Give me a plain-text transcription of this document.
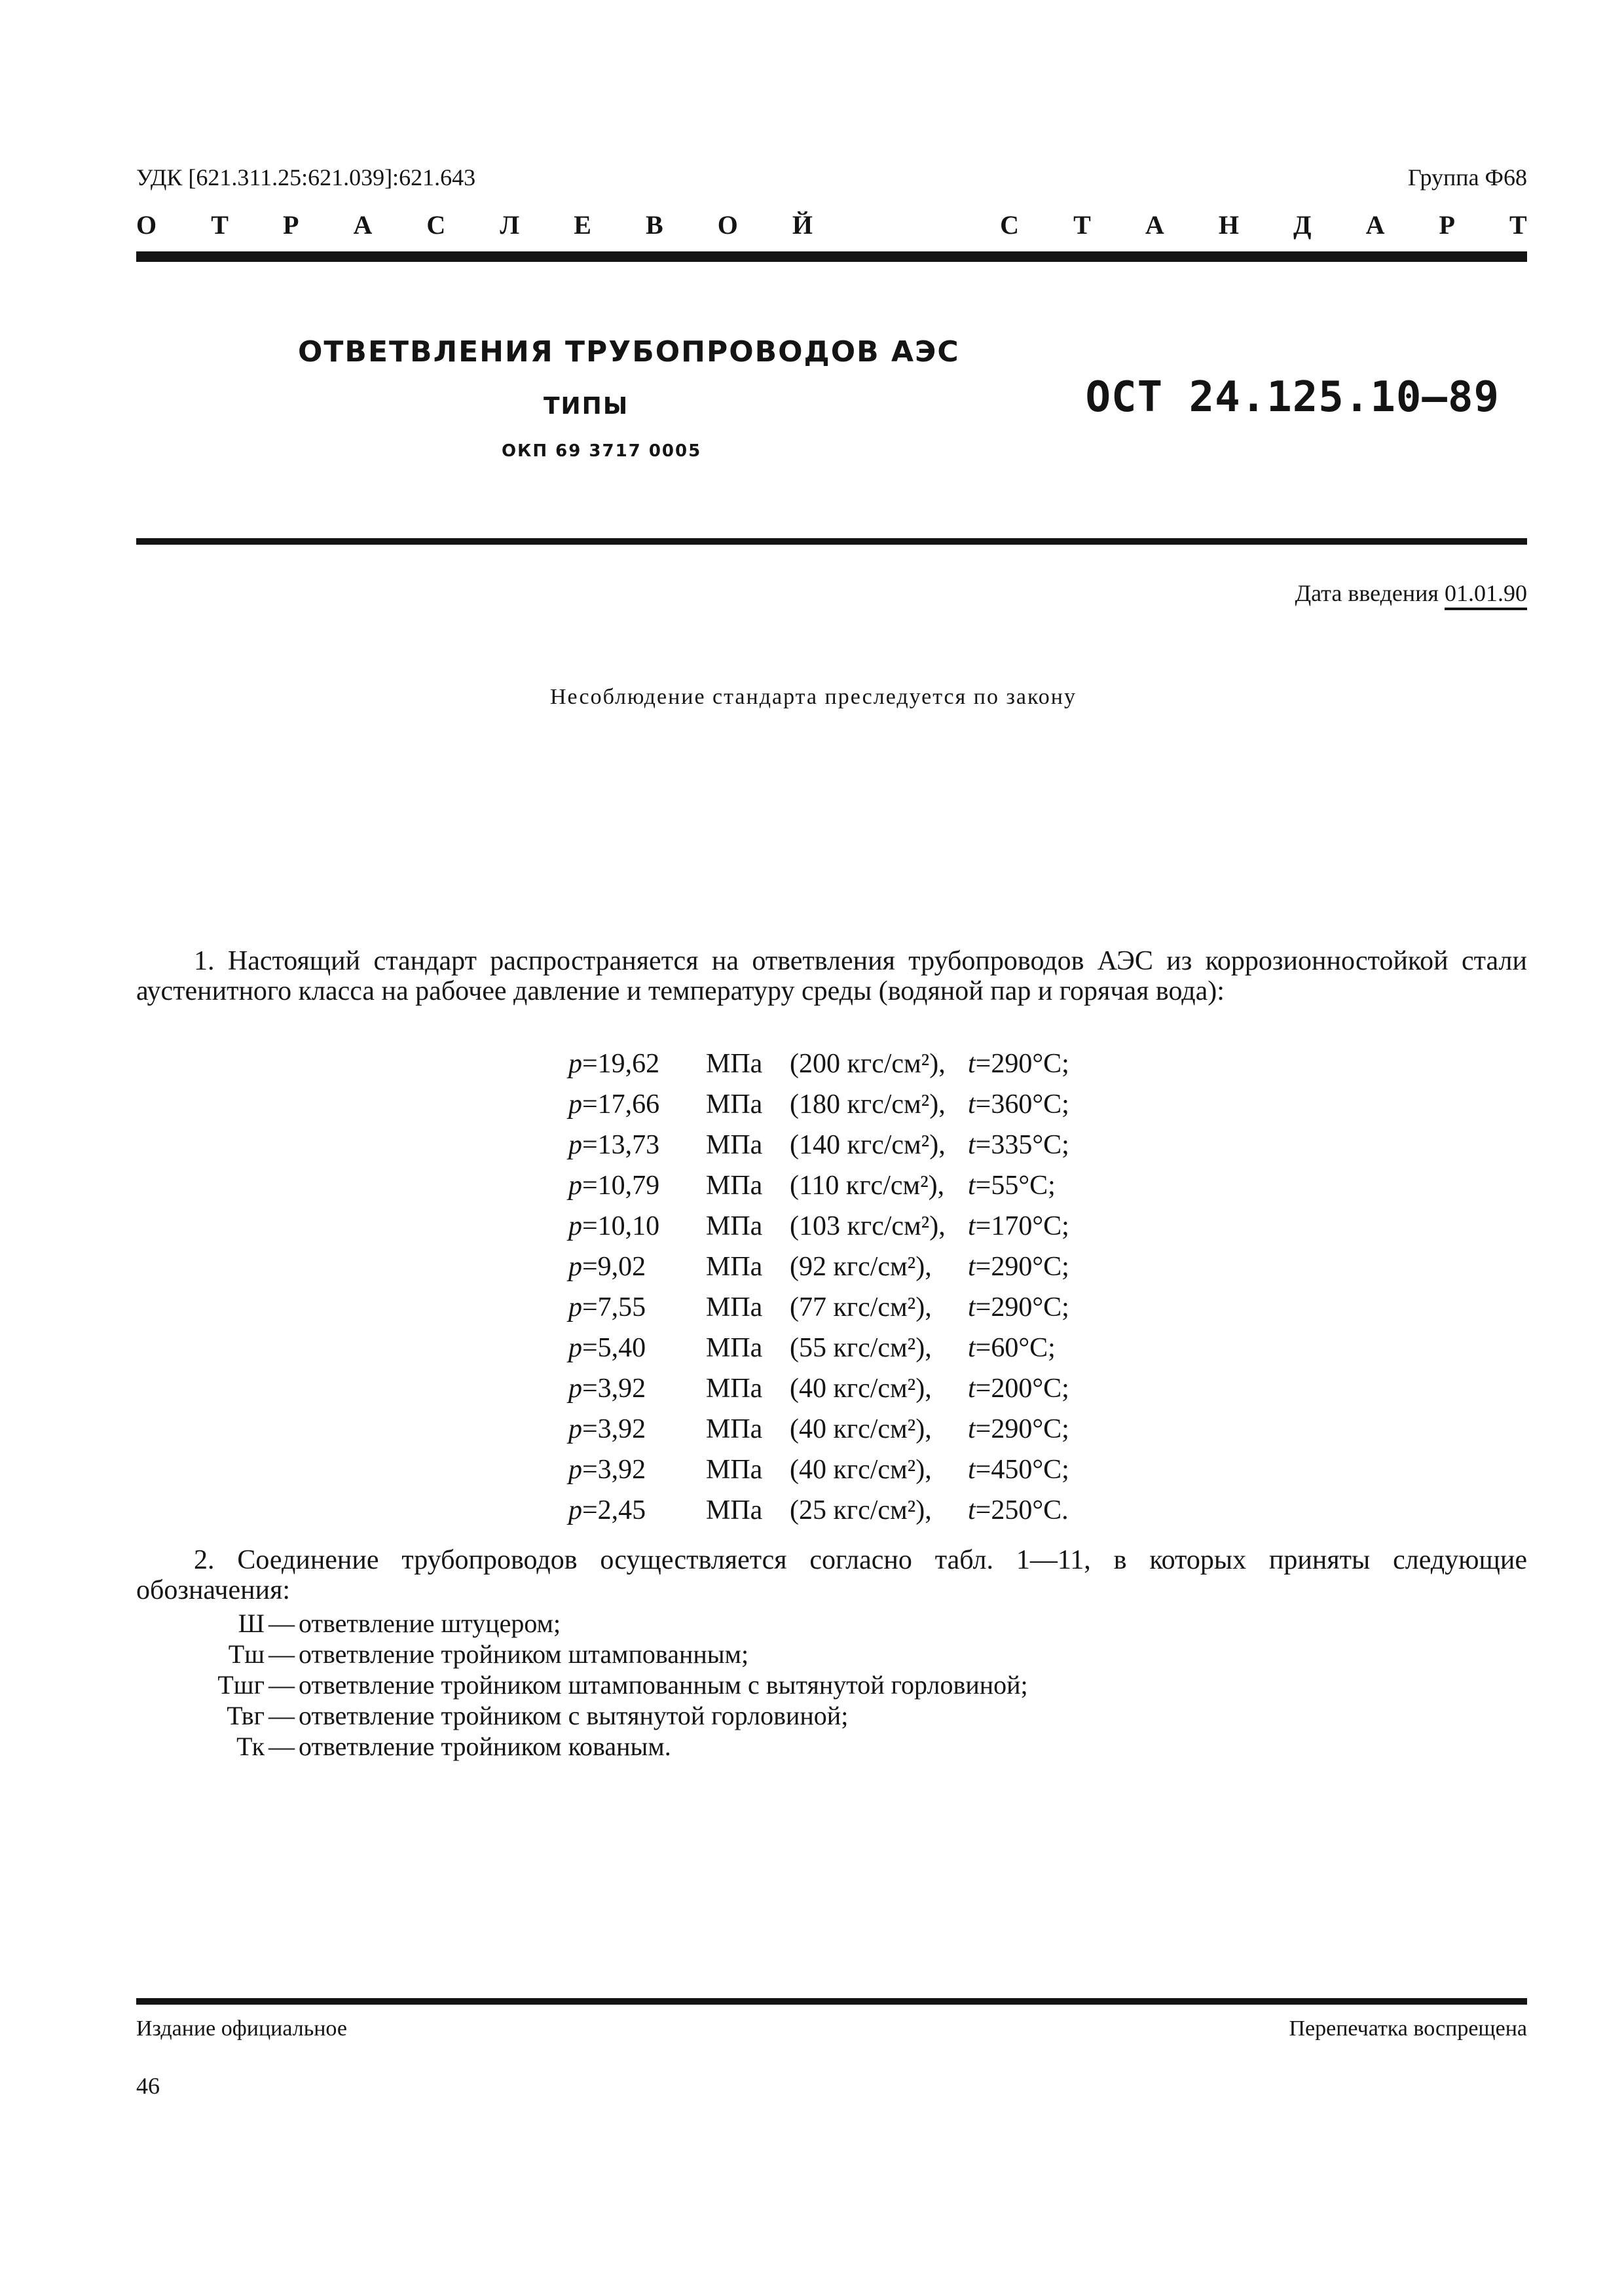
УДК [621.311.25:621.039]:621.643	Группа Ф68
О Т Р А С Л Е В О Й	С Т А Н Д А Р Т
ОТВЕТВЛЕНИЯ ТРУБОПРОВОДОВ АЭС
ТИПЫ
ОКП 69 3717 0005
ОСТ 24.125.10—89
Дата введения 01.01.90
Несоблюдение стандарта преследуется по закону
1. Настоящий стандарт распространяется на ответвления трубопроводов АЭС из коррозионностойкой стали аустенитного класса на рабочее давление и температуру среды (водяной пар и горячая вода):
p=19,62	МПа (200 кгс/см²), t=290°С;
p=17,66	МПа (180 кгс/см²), t=360°С;
p=13,73	МПа (140 кгс/см²), t=335°С;
p=10,79	МПа (110 кгс/см²), t=55°С;
p=10,10	МПа (103 кгс/см²), t=170°С;
p=9,02	МПа (92 кгс/см²),	t=290°С;
p=7,55	МПа (77 кгс/см²),	t=290°С;
p=5,40	МПа (55 кгс/см²),	t=60°С;
p=3,92	МПа (40 кгс/см²),	t=200°С;
p=3,92	МПа (40 кгс/см²),	t=290°С;
p=3,92	МПа (40 кгс/см²),	t=450°С;
p=2,45	МПа (25 кгс/см²),	t=250°С.
2. Соединение трубопроводов осуществляется согласно табл. 1—11, в которых приняты следующие обозначения:
Ш — ответвление штуцером;
Тш — ответвление тройником штампованным;
Тшг — ответвление тройником штампованным с вытянутой горловиной;
Твг — ответвление тройником с вытянутой горловиной;
Тк — ответвление тройником кованым.
Издание официальное	Перепечатка воспрещена
46
